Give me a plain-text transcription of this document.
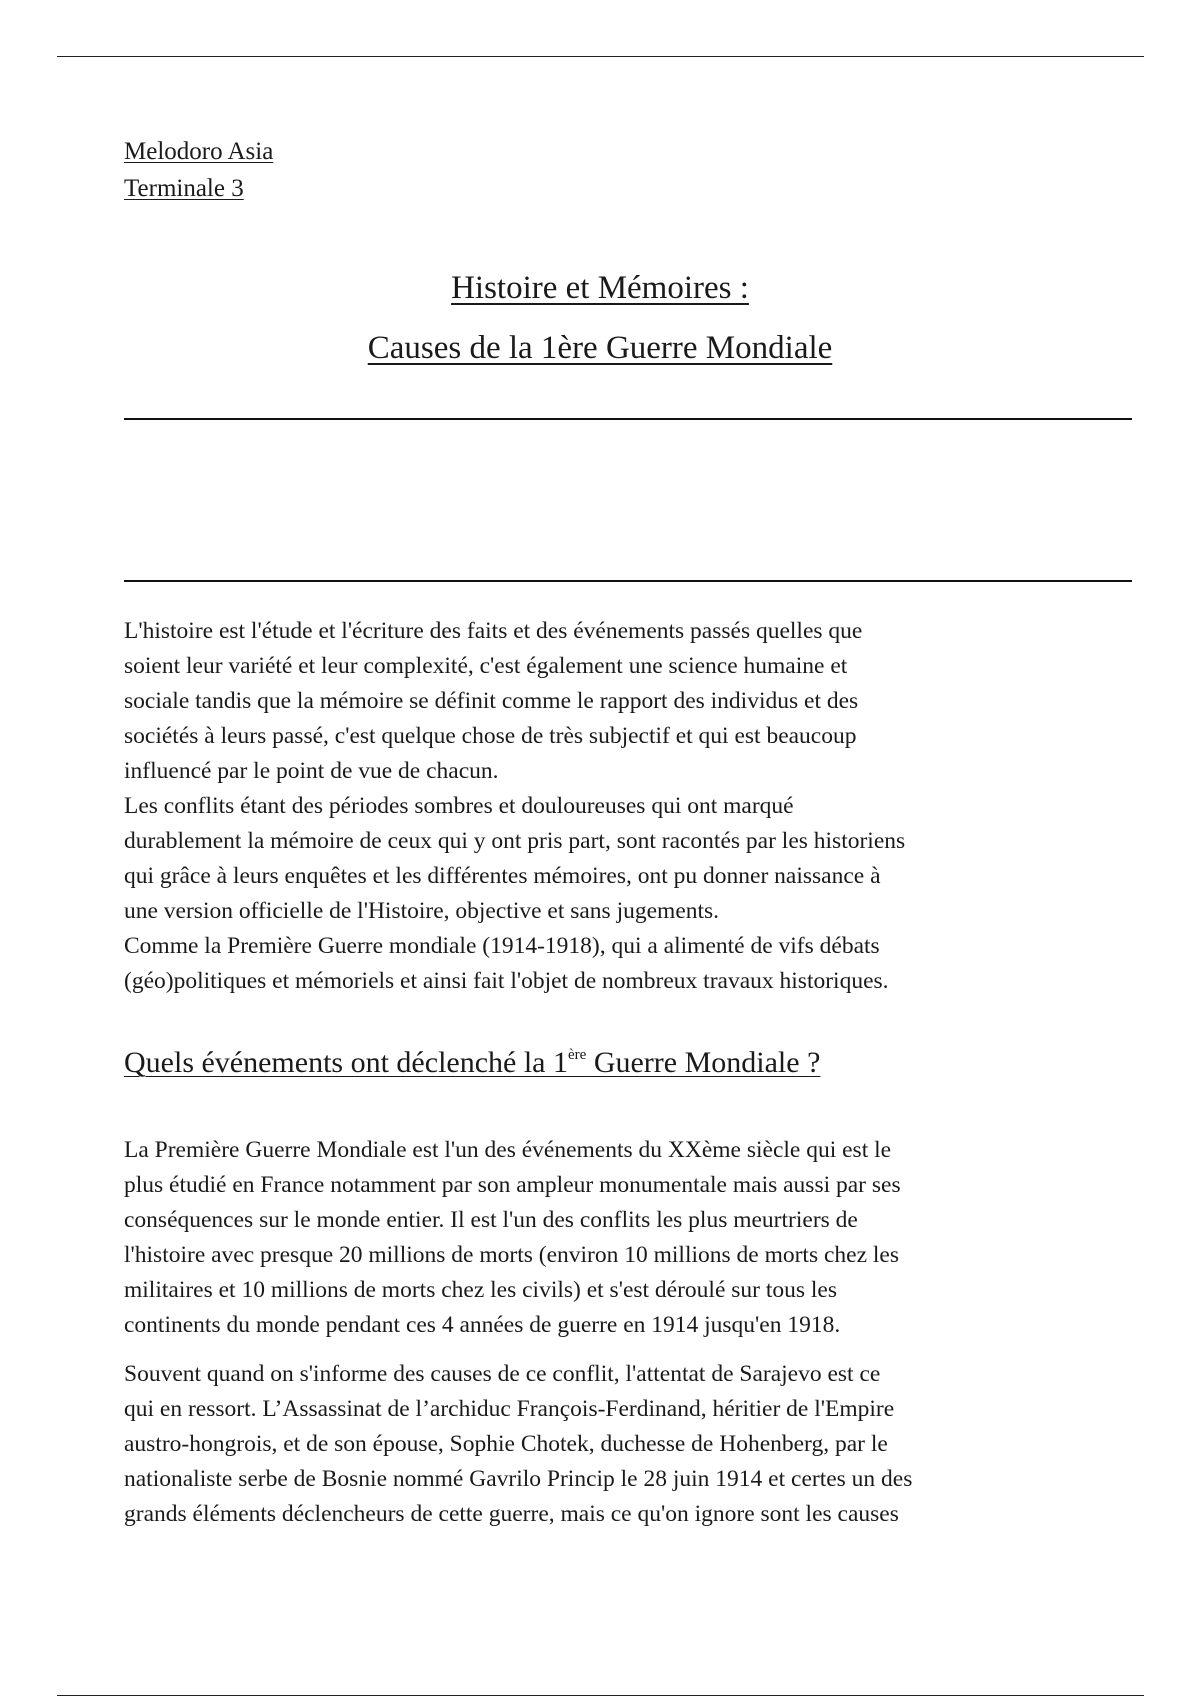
Melodoro Asia
Terminale 3
Histoire et Mémoires :
Causes de la 1ère Guerre Mondiale
L'histoire est l'étude et l'écriture des faits et des événements passés quelles que
soient leur variété et leur complexité, c'est également une science humaine et
sociale tandis que la mémoire se définit comme le rapport des individus et des
sociétés à leurs passé, c'est quelque chose de très subjectif et qui est beaucoup
influencé par le point de vue de chacun.
Les conflits étant des périodes sombres et douloureuses qui ont marqué
durablement la mémoire de ceux qui y ont pris part, sont racontés par les historiens
qui grâce à leurs enquêtes et les différentes mémoires, ont pu donner naissance à
une version officielle de l'Histoire, objective et sans jugements.
Comme la Première Guerre mondiale (1914-1918), qui a alimenté de vifs débats
(géo)politiques et mémoriels et ainsi fait l'objet de nombreux travaux historiques.
Quels événements ont déclenché la 1ère Guerre Mondiale ?
La Première Guerre Mondiale est l'un des événements du XXème siècle qui est le
plus étudié en France notamment par son ampleur monumentale mais aussi par ses
conséquences sur le monde entier. Il est l'un des conflits les plus meurtriers de
l'histoire avec presque 20 millions de morts (environ 10 millions de morts chez les
militaires et 10 millions de morts chez les civils) et s'est déroulé sur tous les
continents du monde pendant ces 4 années de guerre en 1914 jusqu'en 1918.
Souvent quand on s'informe des causes de ce conflit, l'attentat de Sarajevo est ce
qui en ressort. L’Assassinat de l’archiduc François-Ferdinand, héritier de l'Empire
austro-hongrois, et de son épouse, Sophie Chotek, duchesse de Hohenberg, par le
nationaliste serbe de Bosnie nommé Gavrilo Princip le 28 juin 1914 et certes un des
grands éléments déclencheurs de cette guerre, mais ce qu'on ignore sont les causes
